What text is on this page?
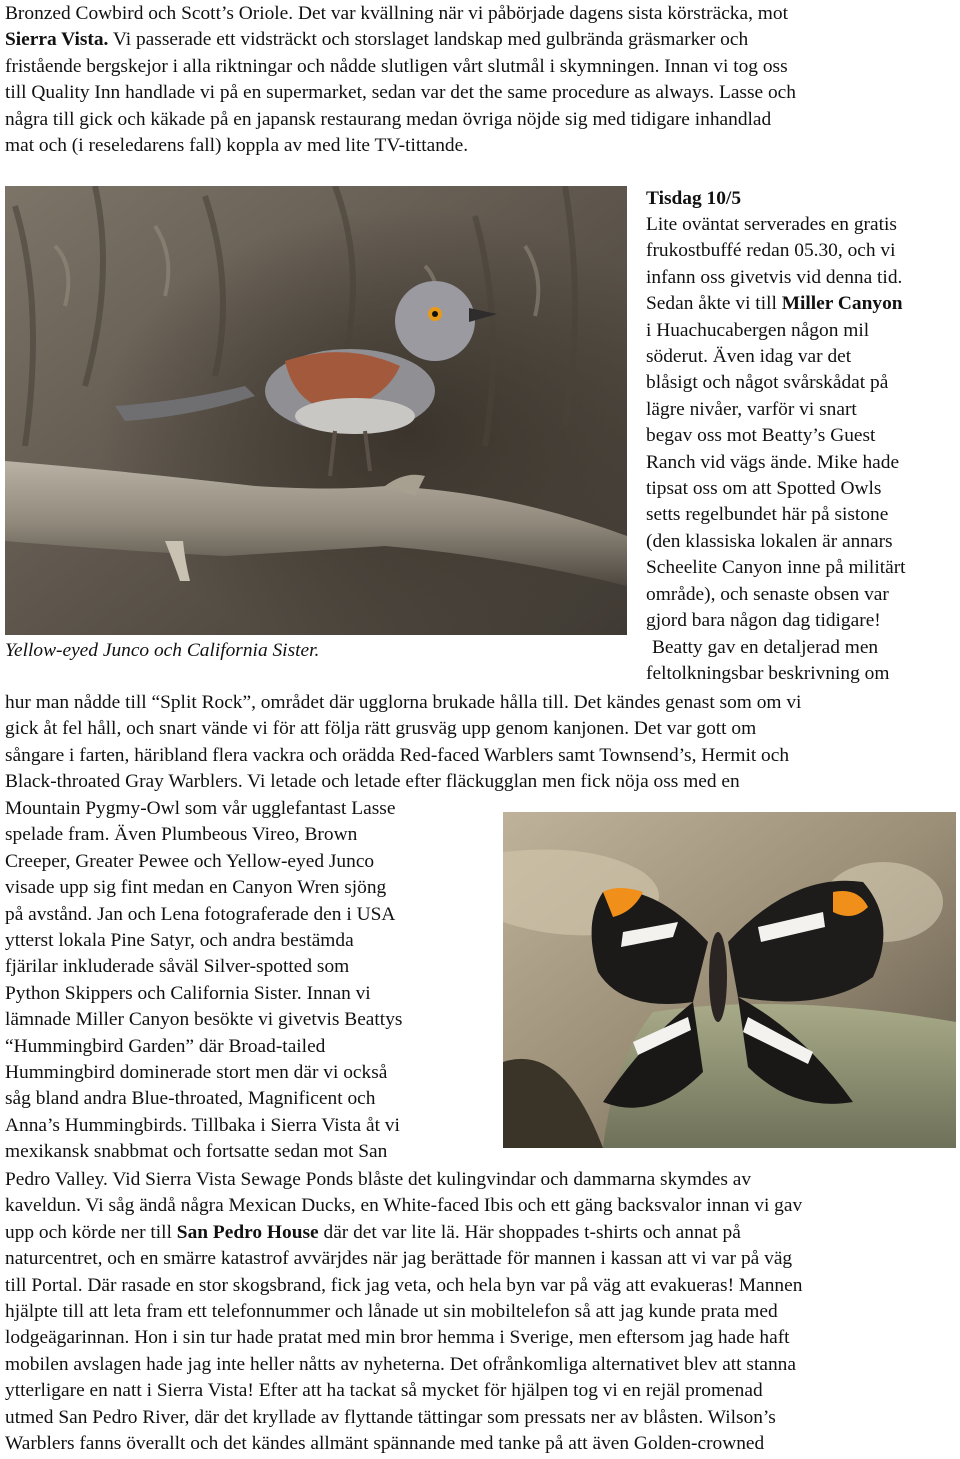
Bronzed Cowbird och Scott’s Oriole. Det var kvällning när vi påbörjade dagens sista körsträcka, mot
Sierra Vista. Vi passerade ett vidsträckt och storslaget landskap med gulbrända gräsmarker och
fristående bergskejor i alla riktningar och nådde slutligen vårt slutmål i skymningen. Innan vi tog oss
till Quality Inn handlade vi på en supermarket, sedan var det the same procedure as always. Lasse och
några till gick och käkade på en japansk restaurang medan övriga nöjde sig med tidigare inhandlad
mat och (i reseledarens fall) koppla av med lite TV-tittande.
Yellow-eyed Junco och California Sister.
Tisdag 10/5
Lite oväntat serverades en gratis
frukostbuffé redan 05.30, och vi
infann oss givetvis vid denna tid.
Sedan åkte vi till Miller Canyon
i Huachucabergen någon mil
söderut. Även idag var det
blåsigt och något svårskådat på
lägre nivåer, varför vi snart
begav oss mot Beatty’s Guest
Ranch vid vägs ände. Mike hade
tipsat oss om att Spotted Owls
setts regelbundet här på sistone
(den klassiska lokalen är annars
Scheelite Canyon inne på militärt
område), och senaste obsen var
gjord bara någon dag tidigare!
Beatty gav en detaljerad men
feltolkningsbar beskrivning om
hur man nådde till “Split Rock”, området där ugglorna brukade hålla till. Det kändes genast som om vi
gick åt fel håll, och snart vände vi för att följa rätt grusväg upp genom kanjonen. Det var gott om
sångare i farten, häribland flera vackra och orädda Red-faced Warblers samt Townsend’s, Hermit och
Black-throated Gray Warblers. Vi letade och letade efter fläckugglan men fick nöja oss med en
Mountain Pygmy-Owl som vår ugglefantast Lasse
spelade fram. Även Plumbeous Vireo, Brown
Creeper, Greater Pewee och Yellow-eyed Junco
visade upp sig fint medan en Canyon Wren sjöng
på avstånd. Jan och Lena fotograferade den i USA
ytterst lokala Pine Satyr, och andra bestämda
fjärilar inkluderade såväl Silver-spotted som
Python Skippers och California Sister. Innan vi
lämnade Miller Canyon besökte vi givetvis Beattys
“Hummingbird Garden” där Broad-tailed
Hummingbird dominerade stort men där vi också
såg bland andra Blue-throated, Magnificent och
Anna’s Hummingbirds. Tillbaka i Sierra Vista åt vi
mexikansk snabbmat och fortsatte sedan mot San
Pedro Valley. Vid Sierra Vista Sewage Ponds blåste det kulingvindar och dammarna skymdes av
kaveldun. Vi såg ändå några Mexican Ducks, en White-faced Ibis och ett gäng backsvalor innan vi gav
upp och körde ner till San Pedro House där det var lite lä. Här shoppades t-shirts och annat på
naturcentret, och en smärre katastrof avvärjdes när jag berättade för mannen i kassan att vi var på väg
till Portal. Där rasade en stor skogsbrand, fick jag veta, och hela byn var på väg att evakueras! Mannen
hjälpte till att leta fram ett telefonnummer och lånade ut sin mobiltelefon så att jag kunde prata med
lodgeägarinnan. Hon i sin tur hade pratat med min bror hemma i Sverige, men eftersom jag hade haft
mobilen avslagen hade jag inte heller nåtts av nyheterna. Det ofrånkomliga alternativet blev att stanna
ytterligare en natt i Sierra Vista! Efter att ha tackat så mycket för hjälpen tog vi en rejäl promenad
utmed San Pedro River, där det kryllade av flyttande tättingar som pressats ner av blåsten. Wilson’s
Warblers fanns överallt och det kändes allmänt spännande med tanke på att även Golden-crowned
